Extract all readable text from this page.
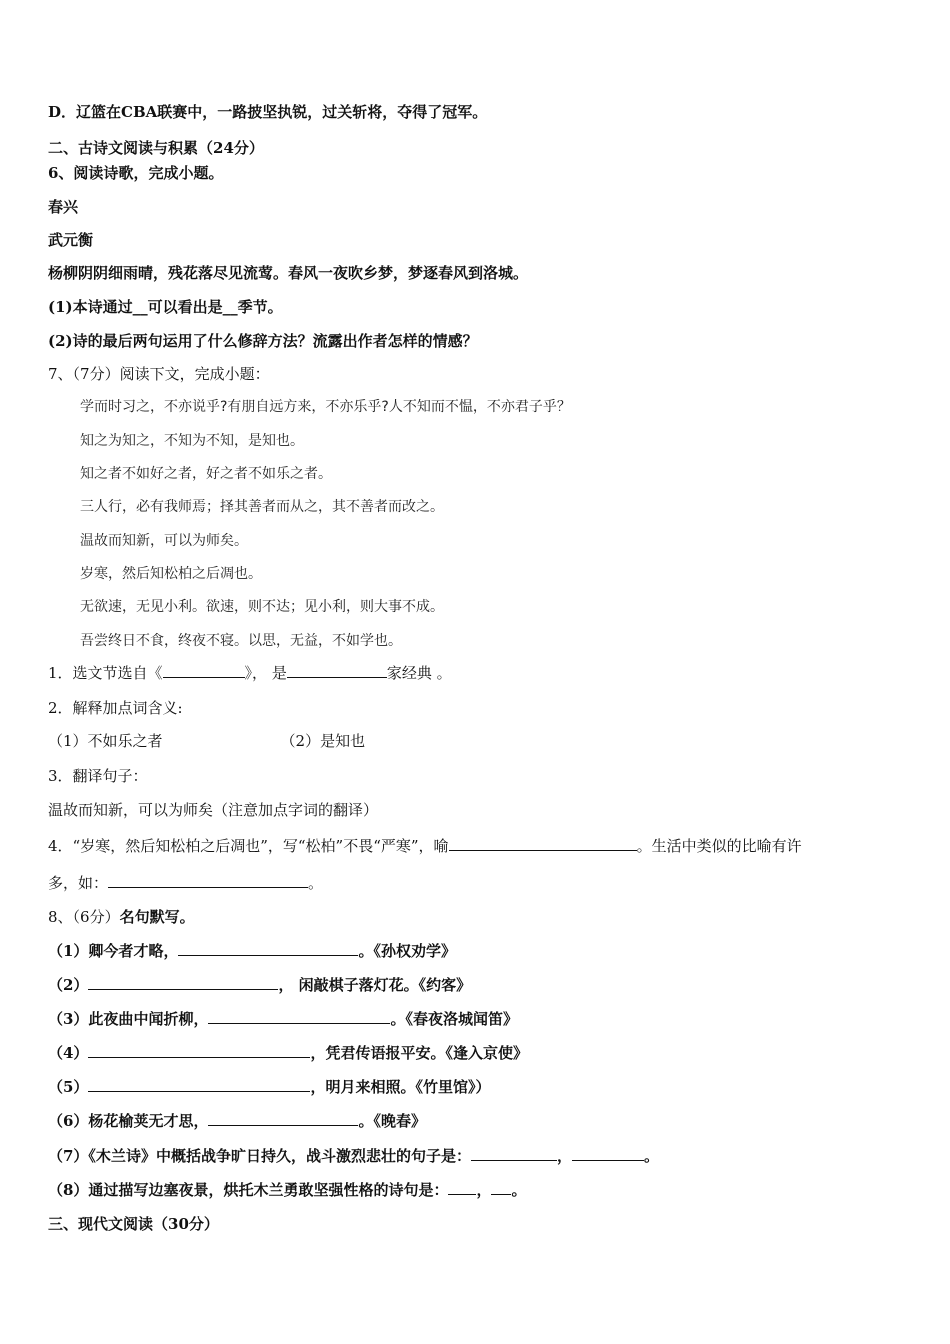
D．辽篮在CBA联赛中，一路披坚执锐，过关斩将，夺得了冠军。
二、古诗文阅读与积累（24分）
6、阅读诗歌，完成小题。
春兴
武元衡
杨柳阴阴细雨晴，残花落尽见流莺。春风一夜吹乡梦，梦逐春风到洛城。
(1)本诗通过__可以看出是__季节。
(2)诗的最后两句运用了什么修辞方法？流露出作者怎样的情感？
7、（7分）阅读下文，完成小题：
学而时习之，不亦说乎?有朋自远方来，不亦乐乎?人不知而不愠，不亦君子乎？
知之为知之，不知为不知，是知也。
知之者不如好之者，好之者不如乐之者。
三人行，必有我师焉；择其善者而从之，其不善者而改之。
温故而知新，可以为师矣。
岁寒，然后知松柏之后凋也。
无欲速，无见小利。欲速，则不达；见小利，则大事不成。
吾尝终日不食，终夜不寝。以思，无益，不如学也。
1．选文节选自《	》， 是	家经典 。
2．解释加点词含义:
（1）不如乐之者	（2）是知也
3．翻译句子：
温故而知新，可以为师矣（注意加点字词的翻译）
4．“岁寒，然后知松柏之后凋也”，写“松柏”不畏“严寒”，喻	。生活中类似的比喻有许
多，如：	。
8、（6分）名句默写。
（1）卿今者才略，	。《孙权劝学》
（2）	， 闲敲棋子落灯花。《约客》
（3）此夜曲中闻折柳，	。《春夜洛城闻笛》
（4）	，凭君传语报平安。《逢入京使》
（5）	，明月来相照。《竹里馆》）
（6）杨花榆荚无才思，	。《晚春》
（7）《木兰诗》中概括战争旷日持久，战斗激烈悲壮的句子是：	，	。
（8）通过描写边塞夜景，烘托木兰勇敢坚强性格的诗句是： ， 。
三、现代文阅读（30分）
